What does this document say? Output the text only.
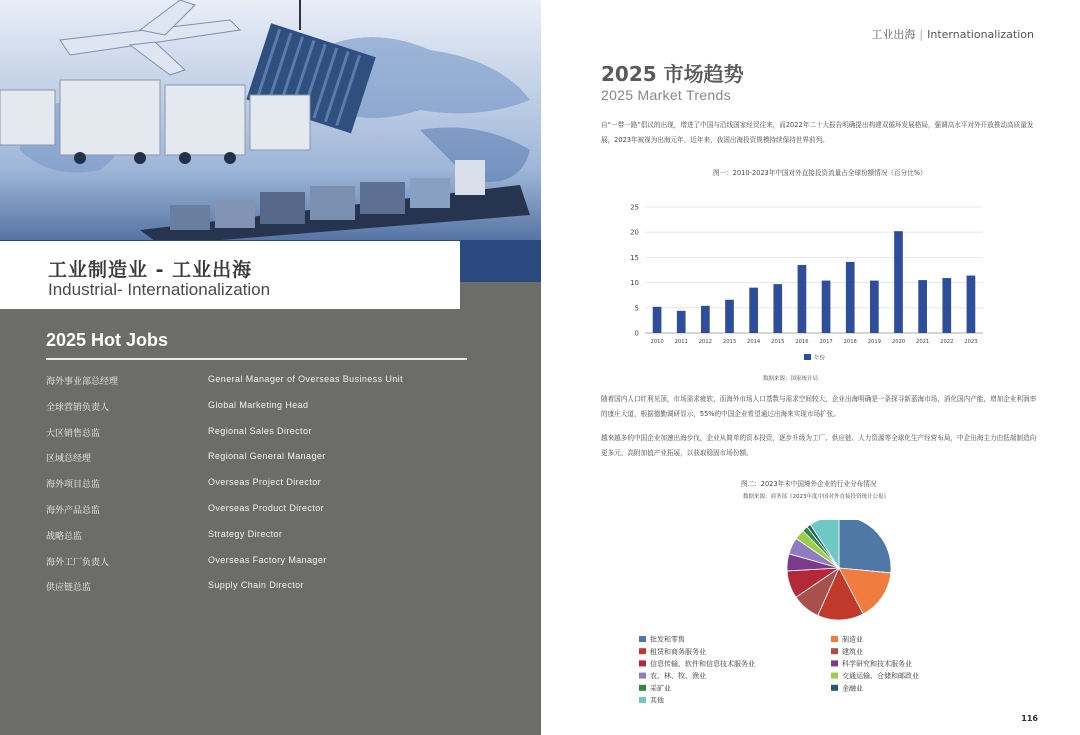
工业制造业 - 工业出海
Industrial- Internationalization
2025 Hot Jobs
海外事业部总经理	General Manager of Overseas Business Unit
全球营销负责人	Global Marketing Head
大区销售总监	Regional Sales Director
区域总经理	Regional General Manager
海外项目总监	Overseas Project Director
海外产品总监	Overseas Product Director
战略总监	Strategy Director
海外工厂负责人	Overseas Factory Manager
供应链总监	Supply Chain Director
工业出海 | Internationalization
2025 市场趋势
2025 Market Trends
自“一带一路”倡议的出现，增进了中国与沿线国家经贸往来，而2022年二十大报告明确提出构建双循环发展格局，强调高水平对外开放推动高质量发展，2023年被视为出海元年，近年来，我国出海投资规模持续保持世界前列。
图一：2010-2023年中国对外直接投资流量占全球份额情况（百分比%）
0
5
10
15
20
25
2010 2011 2012 2013 2014 2015 2016 2017 2018 2019 2020 2021 2022 2023
年份
数据来源：国家统计局
随着国内人口红利见顶，市场需求疲软，而海外市场人口基数与需求空间较大，企业出海明确是一条探寻新蓝海市场，消化国内产能，增加企业利润率的康庄大道，根据德勤调研显示，55%的中国企业希望通过出海来实现市场扩张。
越来越多的中国企业加速出海步伐，企业从简单的资本投资，逐步升级为工厂、供应链、人力资源等全球化生产经营布局，中企出海主力由低端制造向更多元、高附加值产业拓展，以获取稳固市场份额。
图二：2023年末中国境外企业的行业分布情况
数据来源：商务部《2023年度中国对外直接投资统计公报》
批发和零售	制造业
租赁和商务服务业	建筑业
信息传输、软件和信息技术服务业	科学研究和技术服务业
农、林、牧、渔业	交通运输、仓储和邮政业
采矿业	金融业
其他
116
